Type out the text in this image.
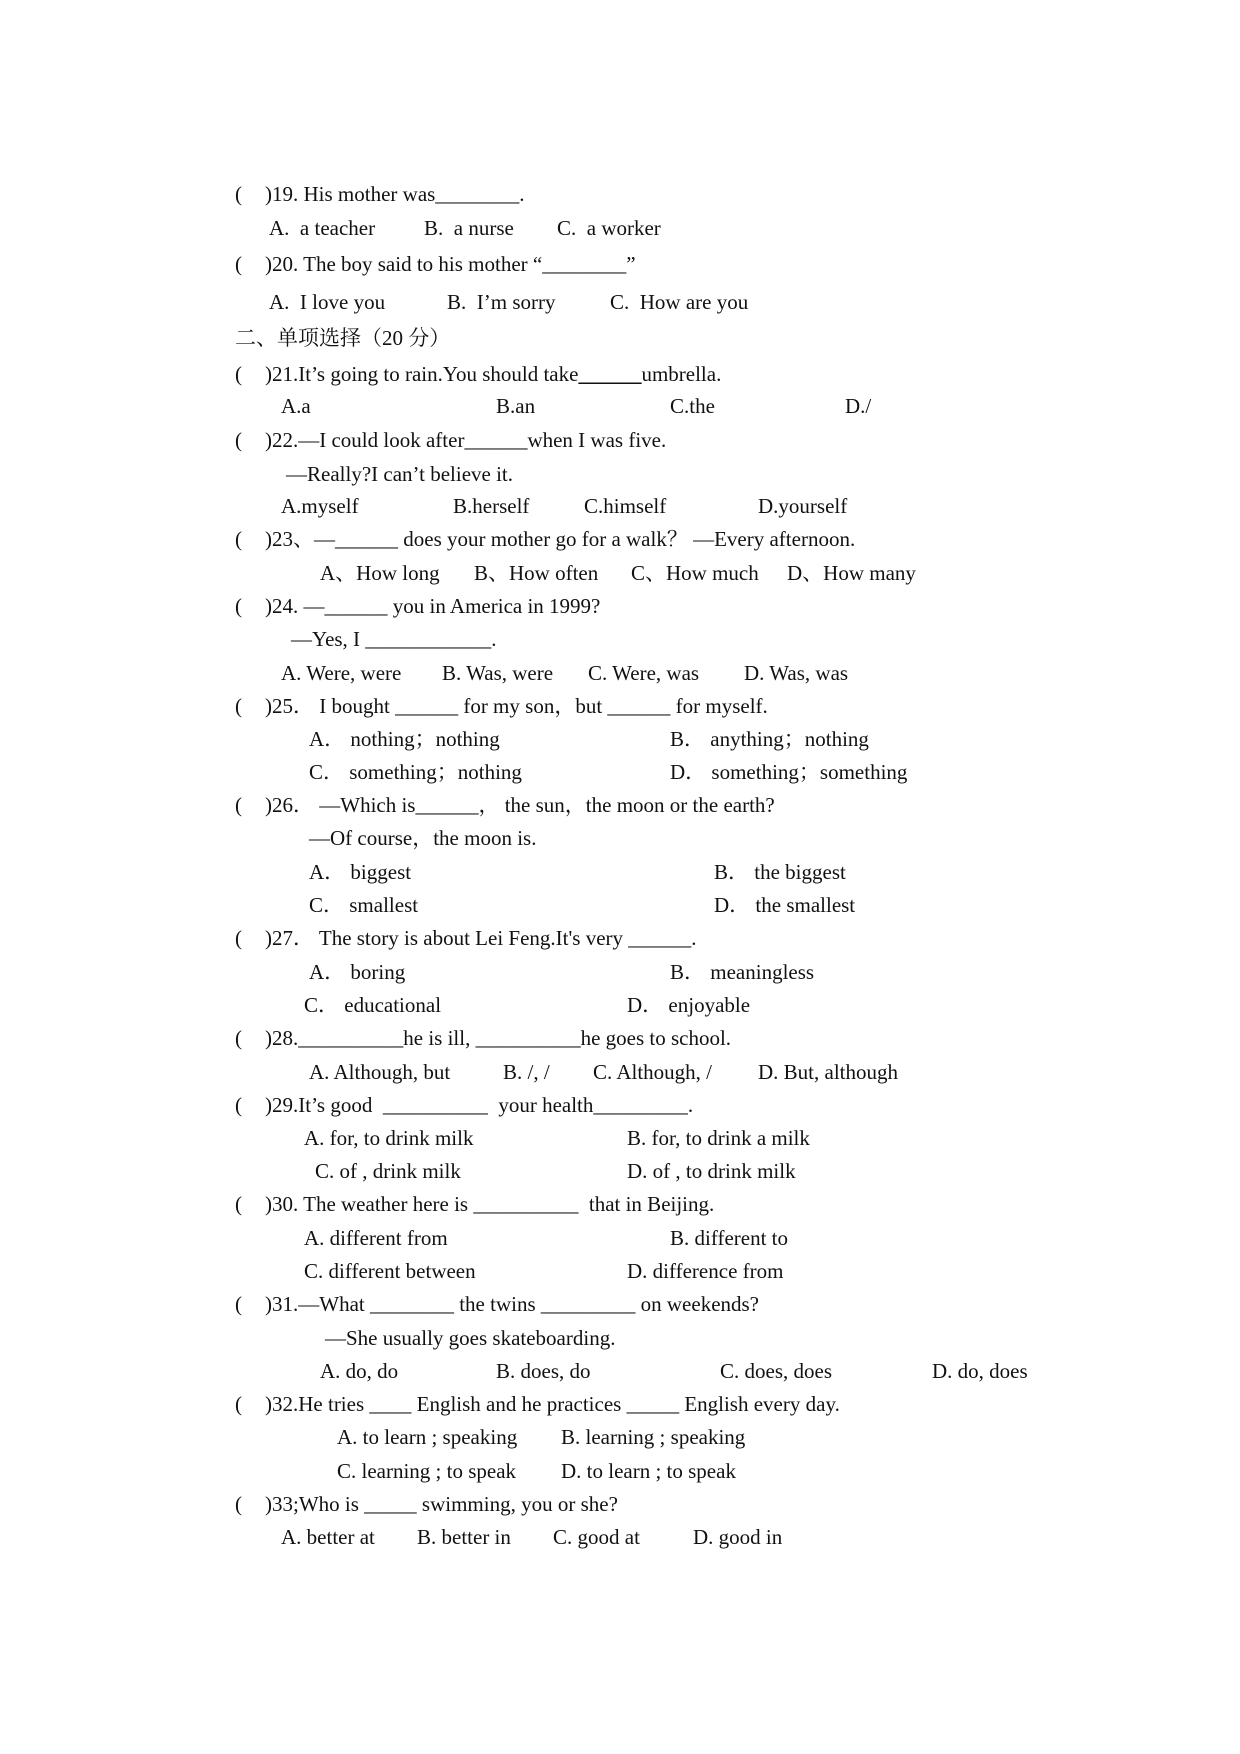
( )19. His mother was________.
A.  a teacher B.  a nurse C.  a worker
( )20. The boy said to his mother “________”
A.  I love you	B.  I’m sorry	C.  How are you
二、单项选择（20 分）
( )21.It’s going to rain.You should take______umbrella.
A.a	B.an	C.the	D./
( )22.—I could look after______when I was five.
—Really?I can’t believe it.
A.myself	B.herself	C.himself	D.yourself
( )23、—______ does your mother go for a walk？ —Every afternoon.
A、How long B、How often C、How much D、How many
( )24. —______ you in America in 1999?
—Yes, I ____________.
A. Were, were B. Was, were C. Were, was D. Was, was
( )25． I bought ______ for my son，but ______ for myself.
A． nothing；nothing	B． anything；nothing
C． something；nothing	D． something；something
( )26． —Which is______， the sun，the moon or the earth?
—Of course，the moon is.
A． biggest	B． the biggest
C． smallest	D． the smallest
( )27． The story is about Lei Feng.It's very ______.
A． boring	B． meaningless
C． educational	D． enjoyable
( )28.__________he is ill, __________he goes to school.
A. Although, but	B. /, / C. Although, / D. But, although
( )29.It’s good  __________  your health_________.
A. for, to drink milk	B. for, to drink a milk
C. of , drink milk	D. of , to drink milk
( )30. The weather here is __________  that in Beijing.
A. different from	B. different to
C. different between	D. difference from
( )31.—What ________ the twins _________ on weekends?
—She usually goes skateboarding.
A. do, do	B. does, do	C. does, does	D. do, does
( )32.He tries ____ English and he practices _____ English every day.
A. to learn ; speaking B. learning ; speaking
C. learning ; to speak D. to learn ; to speak
( )33;Who is _____ swimming, you or she?
A. better at B. better in C. good at	D. good in
